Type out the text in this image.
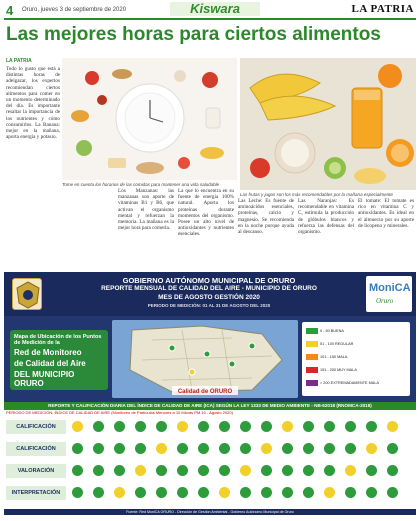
4 Oruro, jueves 3 de septiembre de 2020	Kiswara	LA PATRIA
Las mejores horas para ciertos alimentos
LA PATRIA

Todo lo gusto que está a distintas horas de adelgazar, los expertos recomiendan ciertos alimentos para comer en un momento determinado del día. Es importante resaltar la importancia de los nutrientes y cómo consumirlos. La Banana: mejor en la mañana, aporta energía y potasio.

Tome en cuenta los horarios de las comidas para mantener una vida saludable
Las frutas y jugos son los más recomendables por la mañana especialmente

Los Manzanas: las manzanas son aporte de vitaminas B1 y B6, que activan el organismo mental y refuerzan la memoria. La mañana es la mejor hora para comerla.

La que lo encuentra en su fuente de energía 100% natural. Aporta los proteínas durante momentos del organismo. Posee un alto nivel de antioxidantes y nutrientes esenciales.

Las Leche: Es fuente de aminoácidos esenciales, proteínas, calcio y magnesio. Se recomienda en la noche porque ayuda al descanso.

Las Naranjas: Es recomendable en vitamina C, estimula la producción de glóbulos blancos y refuerza las defensas del organismo.

El tomate: El tomate es rico en vitamina C y antioxidantes. Es ideal en el almuerzo por su aporte de licopeno y minerales.

GOBIERNO AUTÓNOMO MUNICIPAL DE ORURO
REPORTE MENSUAL DE CALIDAD DEL AIRE - MUNICIPIO DE ORURO
MES DE AGOSTO GESTIÓN 2020
PERIODO DE MEDICIÓN: 01 AL 31 DE AGOSTO DEL 2020
MoniCA
Oruro
Mapa de Ubicación de los Puntos de Medición de la
Red de Monitoreo
de Calidad del Aire
DEL MUNICIPIO ORURO
Calidad de ORURO
0 - 50 BUENA
51 - 100 REGULAR
101 - 150 MALA
151 - 200 MUY MALA
> 200 EXTREMADAMENTE MALA
REPORTE Y CALIFICACIÓN DIARIA DEL ÍNDICE DE CALIDAD DE AIRE (ICA) SEGÚN LA LEY 1333 DE MEDIO AMBIENTE - NB-62018 (RNOMCA-2018)
PERIODO DE MEDICIÓN: ÍNDICE DE CALIDAD DE AIRE (Monitoreo de Partículas Menores a 10 Micras PM 10 - Agosto 2020)
CALIFICACIÓN
CALIFICACIÓN
VALORACIÓN
INTERPRETACIÓN
Fuente: Red MoniCA ORURO - Dirección de Gestión Ambiental - Gobierno Autónomo Municipal de Oruro
